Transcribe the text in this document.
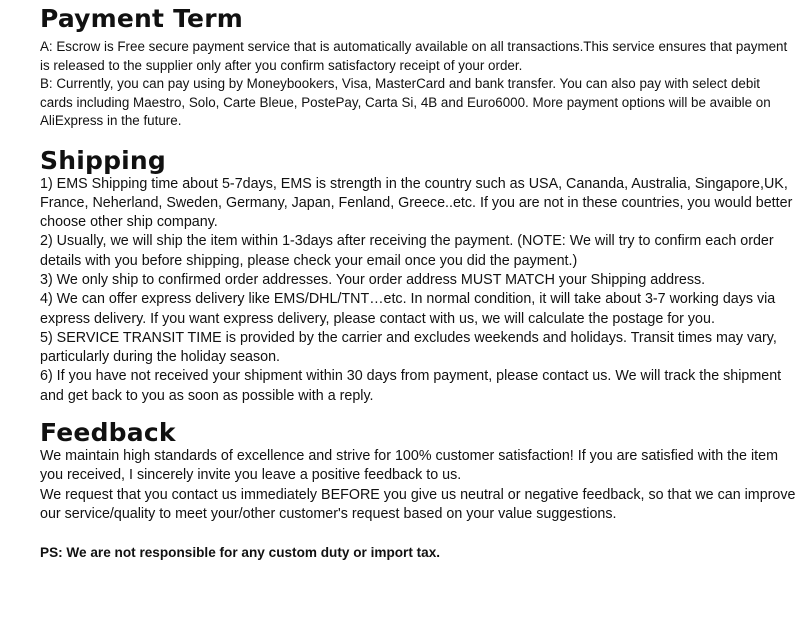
Payment Term

A: Escrow is Free secure payment service that is automatically available on all transactions.This service ensures that payment is released to the supplier only after you confirm satisfactory receipt of your order.

B: Currently, you can pay using by Moneybookers, Visa, MasterCard and bank transfer. You can also pay with select debit cards including Maestro, Solo, Carte Bleue, PostePay, Carta Si, 4B and Euro6000. More payment options will be avaible on AliExpress in the future.

Shipping

1) EMS Shipping time about 5-7days, EMS is strength in the country such as USA, Cananda, Australia, Singapore,UK, France, Neherland, Sweden, Germany, Japan, Fenland, Greece..etc. If you are not in these countries, you would better choose other ship company.

2) Usually, we will ship the item within 1-3days after receiving the payment. (NOTE: We will try to confirm each order details with you before shipping, please check your email once you did the payment.)

3) We only ship to confirmed order addresses. Your order address MUST MATCH your Shipping address.

4) We can offer express delivery like EMS/DHL/TNT…etc. In normal condition, it will take about 3-7 working days via express delivery. If you want express delivery, please contact with us, we will calculate the postage for you.

5) SERVICE TRANSIT TIME is provided by the carrier and excludes weekends and holidays. Transit times may vary, particularly during the holiday season.

6) If you have not received your shipment within 30 days from payment, please contact us. We will track the shipment and get back to you as soon as possible with a reply.

Feedback

We maintain high standards of excellence and strive for 100% customer satisfaction! If you are satisfied with the item you received, I sincerely invite you leave a positive feedback to us.

We request that you contact us immediately BEFORE you give us neutral or negative feedback, so that we can improve our service/quality to meet your/other customer's request based on your value suggestions.

PS: We are not responsible for any custom duty or import tax.
